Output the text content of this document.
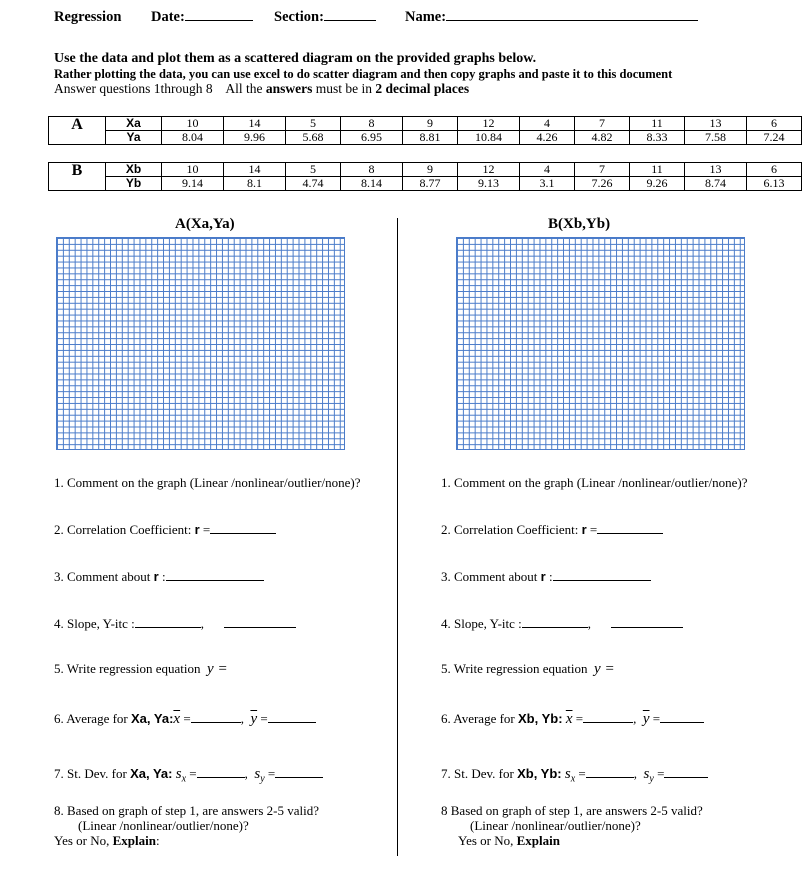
Regression Date:	Section:	Name:
Use the data and plot them as a scattered diagram on the provided graphs below.
Rather plotting the data, you can use excel to do scatter diagram and then copy graphs and paste it to this document
Answer questions 1through 8 All the answers must be in 2 decimal places
A	Xa	10	14	5	8	9	12	4	7	11	13	6
	Ya	8.04	9.96	5.68	6.95	8.81	10.84	4.26	4.82	8.33	7.58	7.24
B	Xb	10	14	5	8	9	12	4	7	11	13	6
	Yb	9.14	8.1	4.74	8.14	8.77	9.13	3.1	7.26	9.26	8.74	6.13
A(Xa,Ya)	B(Xb,Yb)
1. Comment on the graph (Linear /nonlinear/outlier/none)?
2. Correlation Coefficient: r =
3. Comment about r :
4. Slope, Y-itc :	,
5. Write regression equation  y =
6. Average for Xa, $Ya:\overline{x}$ =	, $\overline{y}$ =
7. St. Dev. for Xa, Ya: $s_x$ =	, $s_y$ =
8. Based on graph of step 1, are answers 2-5 valid?
(Linear /nonlinear/outlier/none)?
Yes or No, Explain:
1. Comment on the graph (Linear /nonlinear/outlier/none)?
2. Correlation Coefficient: r =
3. Comment about r :
4. Slope, Y-itc :	,
5. Write regression equation  y =
6. Average for Xb, Yb: $\overline{x}$ =	, $\overline{y}$ =
7. St. Dev. for Xb, Yb: $s_x$ =	, $s_y$ =
8 Based on graph of step 1, are answers 2-5 valid?
(Linear /nonlinear/outlier/none)?
Yes or No, Explain
